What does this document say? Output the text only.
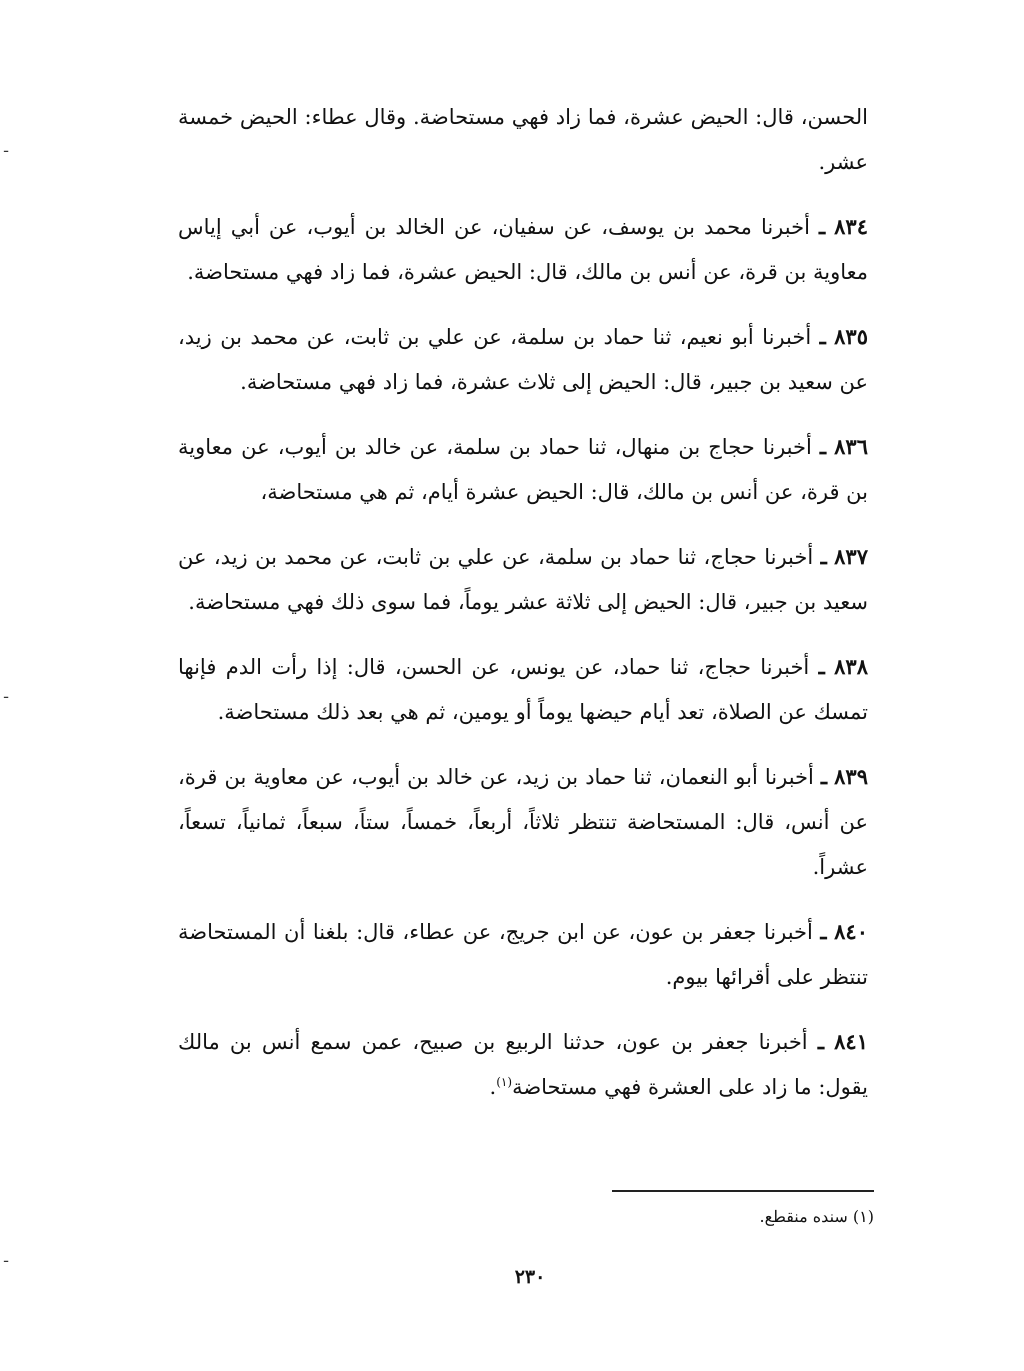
ـ
ـ
ـ

الحسن، قال: الحيض عشرة، فما زاد فهي مستحاضة. وقال عطاء: الحيض خمسة عشر.

٨٣٤ ـ أخبرنا محمد بن يوسف، عن سفيان، عن الخالد بن أيوب، عن أبي إياس معاوية بن قرة، عن أنس بن مالك، قال: الحيض عشرة، فما زاد فهي مستحاضة.

٨٣٥ ـ أخبرنا أبو نعيم، ثنا حماد بن سلمة، عن علي بن ثابت، عن محمد بن زيد، عن سعيد بن جبير، قال: الحيض إلى ثلاث عشرة، فما زاد فهي مستحاضة.

٨٣٦ ـ أخبرنا حجاج بن منهال، ثنا حماد بن سلمة، عن خالد بن أيوب، عن معاوية بن قرة، عن أنس بن مالك، قال: الحيض عشرة أيام، ثم هي مستحاضة،

٨٣٧ ـ أخبرنا حجاج، ثنا حماد بن سلمة، عن علي بن ثابت، عن محمد بن زيد، عن سعيد بن جبير، قال: الحيض إلى ثلاثة عشر يوماً، فما سوى ذلك فهي مستحاضة.

٨٣٨ ـ أخبرنا حجاج، ثنا حماد، عن يونس، عن الحسن، قال: إذا رأت الدم فإنها تمسك عن الصلاة، تعد أيام حيضها يوماً أو يومين، ثم هي بعد ذلك مستحاضة.

٨٣٩ ـ أخبرنا أبو النعمان، ثنا حماد بن زيد، عن خالد بن أيوب، عن معاوية بن قرة، عن أنس، قال: المستحاضة تنتظر ثلاثاً، أربعاً، خمساً، ستاً، سبعاً، ثمانياً، تسعاً، عشراً.

٨٤٠ ـ أخبرنا جعفر بن عون، عن ابن جريج، عن عطاء، قال: بلغنا أن المستحاضة تنتظر على أقرائها بيوم.

٨٤١ ـ أخبرنا جعفر بن عون، حدثنا الربيع بن صبيح، عمن سمع أنس بن مالك يقول: ما زاد على العشرة فهي مستحاضة$^{(١)}$.

(١) سنده منقطع.
٢٣٠
